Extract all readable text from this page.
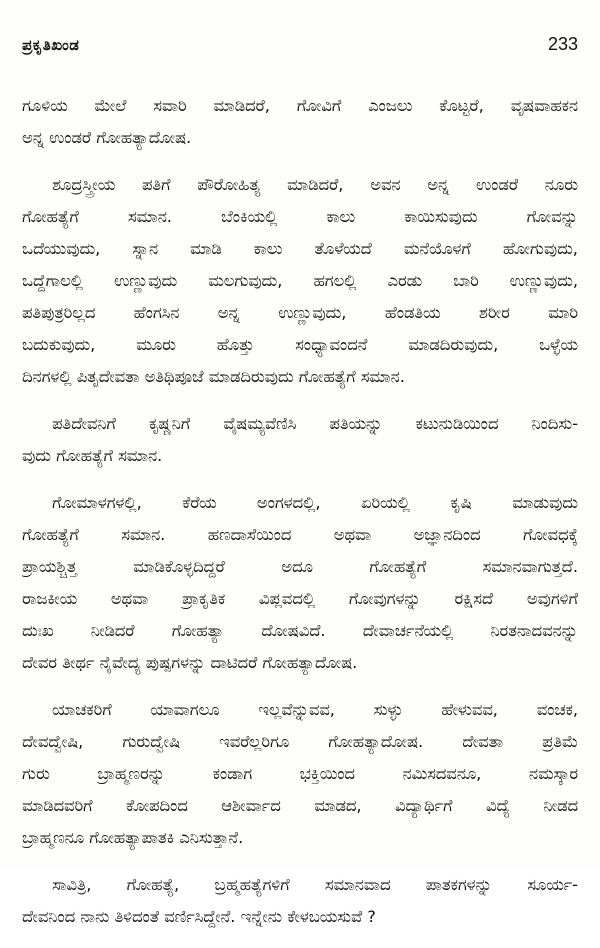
ಪ್ರಕೃತಿಖಂಡ	233

ಗೂಳಿಯ ಮೇಲೆ ಸವಾರಿ ಮಾಡಿದರೆ, ಗೋವಿಗೆ ಎಂಜಲು ಕೊಟ್ಟರೆ, ವೃಷವಾಹಕನ
ಅನ್ನ ಉಂಡರೆ ಗೋಹತ್ಯಾದೋಷ.

ಶೂದ್ರಸ್ತ್ರೀಯ ಪತಿಗೆ ಪೌರೋಹಿತ್ಯ ಮಾಡಿದರೆ, ಅವನ ಅನ್ನ ಉಂಡರೆ ನೂರು
ಗೋಹತ್ಯೆಗೆ ಸಮಾನ. ಬೆಂಕಿಯಲ್ಲಿ ಕಾಲು ಕಾಯಿಸುವುದು ಗೋವನ್ನು
ಒದೆಯುವುದು, ಸ್ನಾನ ಮಾಡಿ ಕಾಲು ತೊಳೆಯದೆ ಮನೆಯೊಳಗೆ ಹೋಗುವುದು,
ಒದ್ದೆಗಾಲಲ್ಲಿ ಉಣ್ಣುವುದು ಮಲಗುವುದು, ಹಗಲಲ್ಲಿ ಎರಡು ಬಾರಿ ಉಣ್ಣುವುದು,
ಪತಿಪುತ್ರರಿಲ್ಲದ ಹೆಂಗಸಿನ ಅನ್ನ ಉಣ್ಣುವುದು, ಹೆಂಡತಿಯ ಶರೀರ ಮಾರಿ
ಬದುಕುವುದು, ಮೂರು ಹೊತ್ತು ಸಂಧ್ಯಾವಂದನೆ ಮಾಡದಿರುವುದು, ಒಳ್ಳೆಯ
ದಿನಗಳಲ್ಲಿ ಪಿತೃದೇವತಾ ಅತಿಥಿಪೂಜೆ ಮಾಡದಿರುವುದು ಗೋಹತ್ಯೆಗೆ ಸಮಾನ.

ಪತಿದೇವನಿಗೆ ಕೃಷ್ಣನಿಗೆ ವೈಷಮ್ಯವೆಣಿಸಿ ಪತಿಯನ್ನು ಕಟುನುಡಿಯಿಂದ ನಿಂದಿಸು-
ವುದು ಗೋಹತ್ಯೆಗೆ ಸಮಾನ.

ಗೋಮಾಳಗಳಲ್ಲಿ, ಕೆರೆಯ ಅಂಗಳದಲ್ಲಿ, ಏರಿಯಲ್ಲಿ ಕೃಷಿ ಮಾಡುವುದು
ಗೋಹತ್ಯೆಗೆ ಸಮಾನ. ಹಣದಾಸೆಯಿಂದ ಅಥವಾ ಅಜ್ಞಾನದಿಂದ ಗೋವಧಕ್ಕೆ
ಪ್ರಾಯಶ್ಚಿತ್ತ ಮಾಡಿಕೊಳ್ಳದಿದ್ದರೆ ಅದೂ ಗೋಹತ್ಯೆಗೆ ಸಮಾನವಾಗುತ್ತದೆ.
ರಾಜಕೀಯ ಅಥವಾ ಪ್ರಾಕೃತಿಕ ವಿಪ್ಲವದಲ್ಲಿ ಗೋವುಗಳನ್ನು ರಕ್ಷಿಸದೆ ಅವುಗಳಿಗೆ
ದುಃಖ ನೀಡಿದರೆ ಗೋಹತ್ಯಾ ದೋಷವಿದೆ. ದೇವಾರ್ಚನೆಯಲ್ಲಿ ನಿರತನಾದವನನ್ನು
ದೇವರ ತೀರ್ಥ ನೈವೇದ್ಯ ಪುಷ್ಪಗಳನ್ನು ದಾಟಿದರೆ ಗೋಹತ್ಯಾದೋಷ.

ಯಾಚಕರಿಗೆ ಯಾವಾಗಲೂ ಇಲ್ಲವೆನ್ನುವವ, ಸುಳ್ಳು ಹೇಳುವವ, ವಂಚಕ,
ದೇವದ್ವೇಷಿ, ಗುರುದ್ವೇಷಿ ಇವರೆಲ್ಲರಿಗೂ ಗೋಹತ್ಯಾದೋಷ. ದೇವತಾ ಪ್ರತಿಮೆ
ಗುರು ಬ್ರಾಹ್ಮಣರನ್ನು ಕಂಡಾಗ ಭಕ್ತಿಯಿಂದ ನಮಿಸದವನೂ, ನಮಸ್ಕಾರ
ಮಾಡಿದವರಿಗೆ ಕೋಪದಿಂದ ಆಶೀರ್ವಾದ ಮಾಡದ, ವಿದ್ಯಾರ್ಥಿಗೆ ವಿದ್ಯೆ ನೀಡದ
ಬ್ರಾಹ್ಮಣನೂ ಗೋಹತ್ಯಾಪಾತಕಿ ಎನಿಸುತ್ತಾನೆ.

ಸಾವಿತ್ರಿ, ಗೋಹತ್ಯೆ, ಬ್ರಹ್ಮಹತ್ಯೆಗಳಿಗೆ ಸಮಾನವಾದ ಪಾತಕಗಳನ್ನು ಸೂರ್ಯ-
ದೇವನಿಂದ ನಾನು ತಿಳಿದಂತೆ ವರ್ಣಿಸಿದ್ದೇನೆ. ಇನ್ನೇನು ಕೇಳಬಯಸುವೆ ?
